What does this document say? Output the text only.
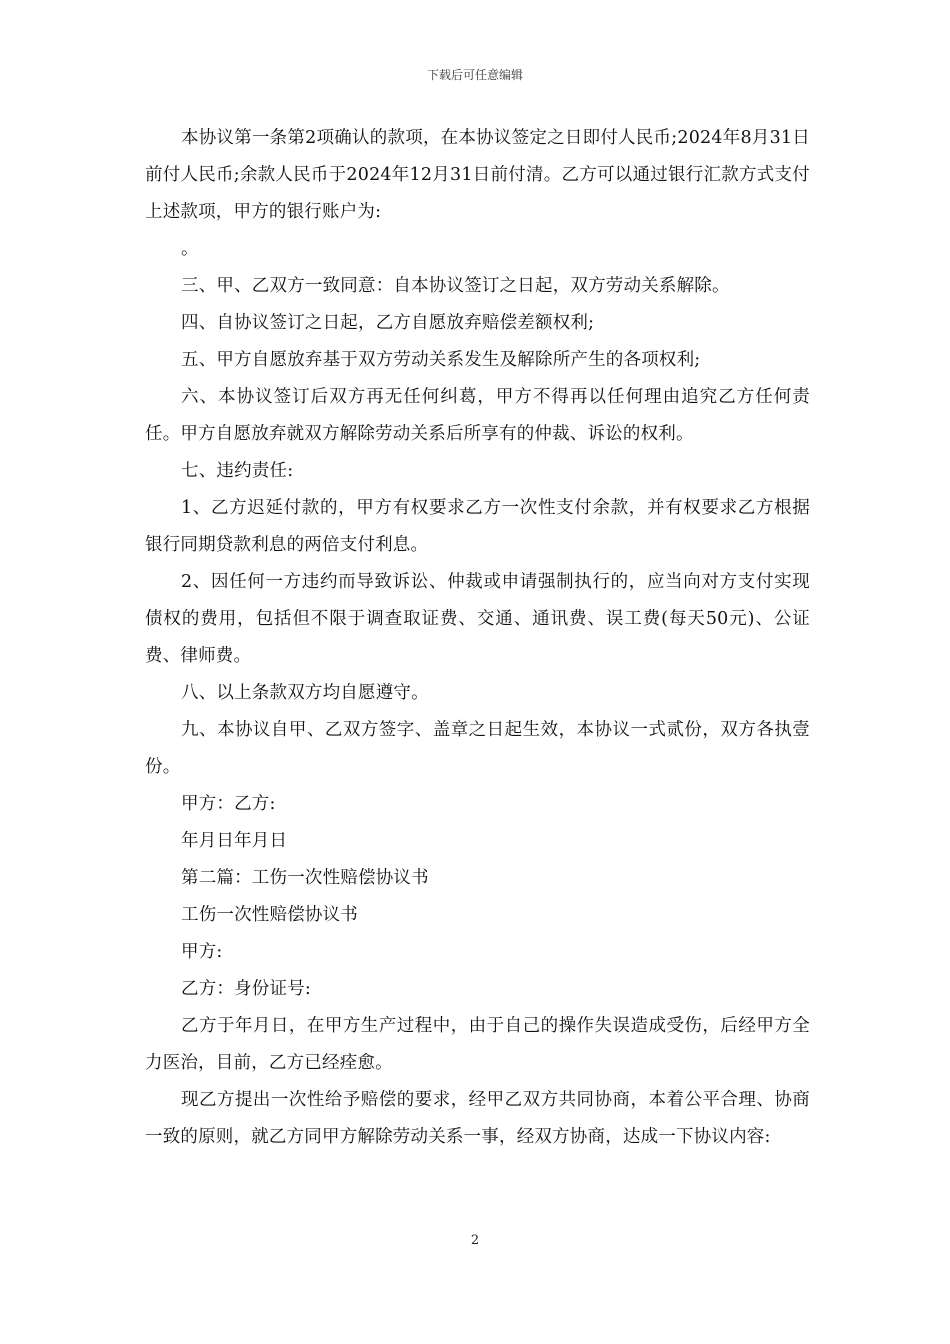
下载后可任意编辑

本协议第一条第2项确认的款项，在本协议签定之日即付人民币;2024年8月31日前付人民币;余款人民币于2024年12月31日前付清。乙方可以通过银行汇款方式支付上述款项，甲方的银行账户为:

。

三、甲、乙双方一致同意：自本协议签订之日起，双方劳动关系解除。

四、自协议签订之日起，乙方自愿放弃赔偿差额权利;

五、甲方自愿放弃基于双方劳动关系发生及解除所产生的各项权利;

六、本协议签订后双方再无任何纠葛，甲方不得再以任何理由追究乙方任何责任。甲方自愿放弃就双方解除劳动关系后所享有的仲裁、诉讼的权利。

七、违约责任:

1、乙方迟延付款的，甲方有权要求乙方一次性支付余款，并有权要求乙方根据银行同期贷款利息的两倍支付利息。

2、因任何一方违约而导致诉讼、仲裁或申请强制执行的，应当向对方支付实现债权的费用，包括但不限于调查取证费、交通、通讯费、误工费(每天50元)、公证费、律师费。

八、以上条款双方均自愿遵守。

九、本协议自甲、乙双方签字、盖章之日起生效，本协议一式贰份，双方各执壹份。

甲方：乙方:

年月日年月日

第二篇：工伤一次性赔偿协议书

工伤一次性赔偿协议书

甲方:

乙方：身份证号:

乙方于年月日，在甲方生产过程中，由于自己的操作失误造成受伤，后经甲方全力医治，目前，乙方已经痊愈。

现乙方提出一次性给予赔偿的要求，经甲乙双方共同协商，本着公平合理、协商一致的原则，就乙方同甲方解除劳动关系一事，经双方协商，达成一下协议内容:

2
